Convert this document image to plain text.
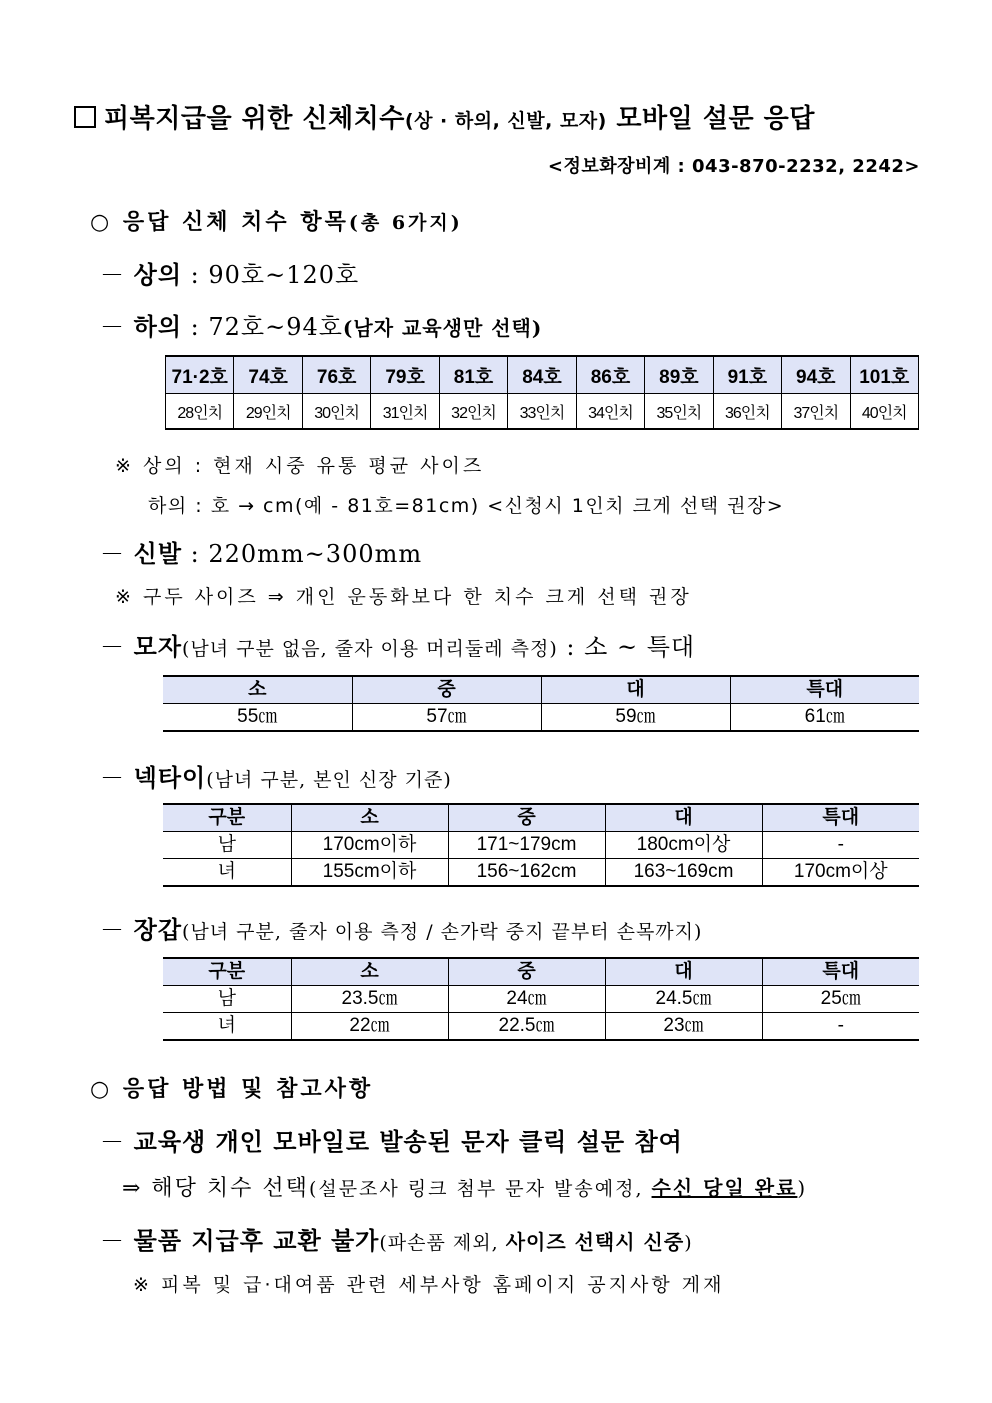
피복지급을 위한 신체치수(상 · 하의, 신발, 모자) 모바일 설문 응답
<정보화장비계 : 043-870-2232, 2242>
○ 응답 신체 치수 항목(총 6가지)
－ 상의 : 90호~120호
－ 하의 : 72호~94호(남자 교육생만 선택)
71·2호	74호	76호	79호	81호	84호	86호	89호	91호	94호	101호
28인치	29인치	30인치	31인치	32인치	33인치	34인치	35인치	36인치	37인치	40인치
※ 상의 : 현재 시중 유통 평균 사이즈
하의 : 호 → cm(예 - 81호=81cm) <신청시 1인치 크게 선택 권장>
－ 신발 : 220mm~300mm
※ 구두 사이즈 ⇒ 개인 운동화보다 한 치수 크게 선택 권장
－ 모자(남녀 구분 없음, 줄자 이용 머리둘레 측정) : 소 ~ 특대
소	중	대	특대
55㎝	57㎝	59㎝	61㎝
－ 넥타이(남녀 구분, 본인 신장 기준)
구분	소	중	대	특대
남	170cm이하	171~179cm	180cm이상	-
녀	155cm이하	156~162cm	163~169cm	170cm이상
－ 장갑(남녀 구분, 줄자 이용 측정 / 손가락 중지 끝부터 손목까지)
구분	소	중	대	특대
남	23.5㎝	24㎝	24.5㎝	25㎝
녀	22㎝	22.5㎝	23㎝	-
○ 응답 방법 및 참고사항
－ 교육생 개인 모바일로 발송된 문자 클릭 설문 참여
⇒ 해당 치수 선택(설문조사 링크 첨부 문자 발송예정, 수신 당일 완료)
－ 물품 지급후 교환 불가(파손품 제외, 사이즈 선택시 신중)
※ 피복 및 급·대여품 관련 세부사항 홈페이지 공지사항 게재
